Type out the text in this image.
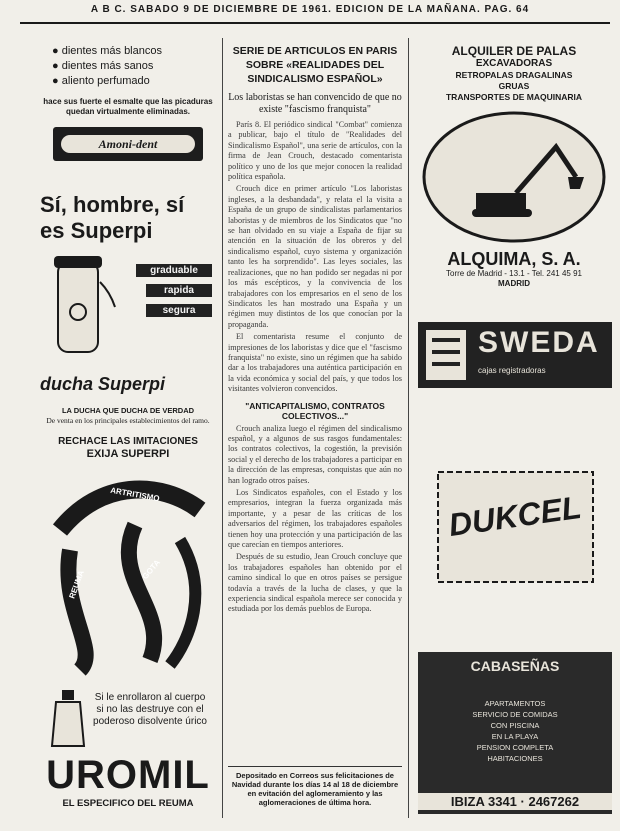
A B C. SABADO 9 DE DICIEMBRE DE 1961. EDICION DE LA MAÑANA. PAG. 64
● dientes más blancos
● dientes más sanos
● aliento perfumado
hace sus fuerte el esmalte que las picaduras quedan virtualmente eliminadas.
Amoni-dent
Sí, hombre, sí
es Superpi
graduable
rapida
segura
ducha Superpi
LA DUCHA QUE DUCHA DE VERDAD
De venta en los principales establecimientos del ramo.
RECHACE LAS IMITACIONES
EXIJA SUPERPI
ARTRITISMO
REUMA	GOTA
Si le enrollaron al cuerpo si no las destruye con el poderoso disolvente úrico
UROMIL
EL ESPECIFICO DEL REUMA
SERIE DE ARTICULOS EN PARIS SOBRE «REALIDADES DEL SINDICALISMO ESPAÑOL»
Los laboristas se han convencido de que no existe "fascismo franquista"
París 8. El periódico sindical "Combat" comienza a publicar, bajo el título de "Realidades del Sindicalismo Español", una serie de artículos, con la firma de Jean Crouch, destacado comentarista político y uno de los que mejor conocen la realidad política española.
Crouch dice en primer artículo "Los laboristas ingleses, a la desbandada", y relata el la visita a España de un grupo de sindicalistas parlamentarios laboristas y de miembros de los Sindicatos que "no se han olvidado en su viaje a España de fijar su atención en la situación de los obreros y del sindicalismo español, cuyo sistema y organización tanto les ha sorprendido". Las leyes sociales, las realizaciones, que no han podido ser negadas ni por los más escépticos, y la convivencia de los trabajadores con los empresarios en el seno de los Sindicatos les han mostrado una España y un régimen muy distintos de los que conocían por la propaganda.
El comentarista resume el conjunto de impresiones de los laboristas y dice que el "fascismo franquista" no existe, sino un régimen que ha sabido dar a los trabajadores una auténtica participación en la vida económica y social del país, y que todos los visitantes volvieron convencidos.
"ANTICAPITALISMO, CONTRATOS COLECTIVOS..."
Crouch analiza luego el régimen del sindicalismo español, y a algunos de sus rasgos fundamentales: los contratos colectivos, la cogestión, la previsión social y el derecho de los trabajadores a participar en la dirección de las empresas, conquistas que aún no han logrado otros países.
Los Sindicatos españoles, con el Estado y los empresarios, integran la fuerza organizada más importante, y a pesar de las críticas de los adversarios del régimen, los trabajadores españoles tienen hoy una protección y una participación de las que carecían en tiempos anteriores.
Después de su estudio, Jean Crouch concluye que los trabajadores españoles han obtenido por el camino sindical lo que en otros países se persigue todavía a través de la lucha de clases, y que la experiencia sindical española merece ser conocida y estudiada por los demás pueblos de Europa.
Depositado en Correos sus felicitaciones de Navidad durante los días 14 al 18 de diciembre en evitación del aglomeramiento y las aglomeraciones de última hora.
ALQUILER DE PALAS
EXCAVADORAS
RETROPALAS DRAGALINAS
GRUAS
TRANSPORTES DE MAQUINARIA
ALQUIMA, S. A.
Torre de Madrid - 13.1 - Tel. 241 45 91
MADRID
SWEDA
cajas registradoras
DUKCEL
CABASEÑAS
APARTAMENTOS
SERVICIO DE COMIDAS
CON PISCINA
EN LA PLAYA
PENSION COMPLETA
HABITACIONES
IBIZA 3341 · 2467262
